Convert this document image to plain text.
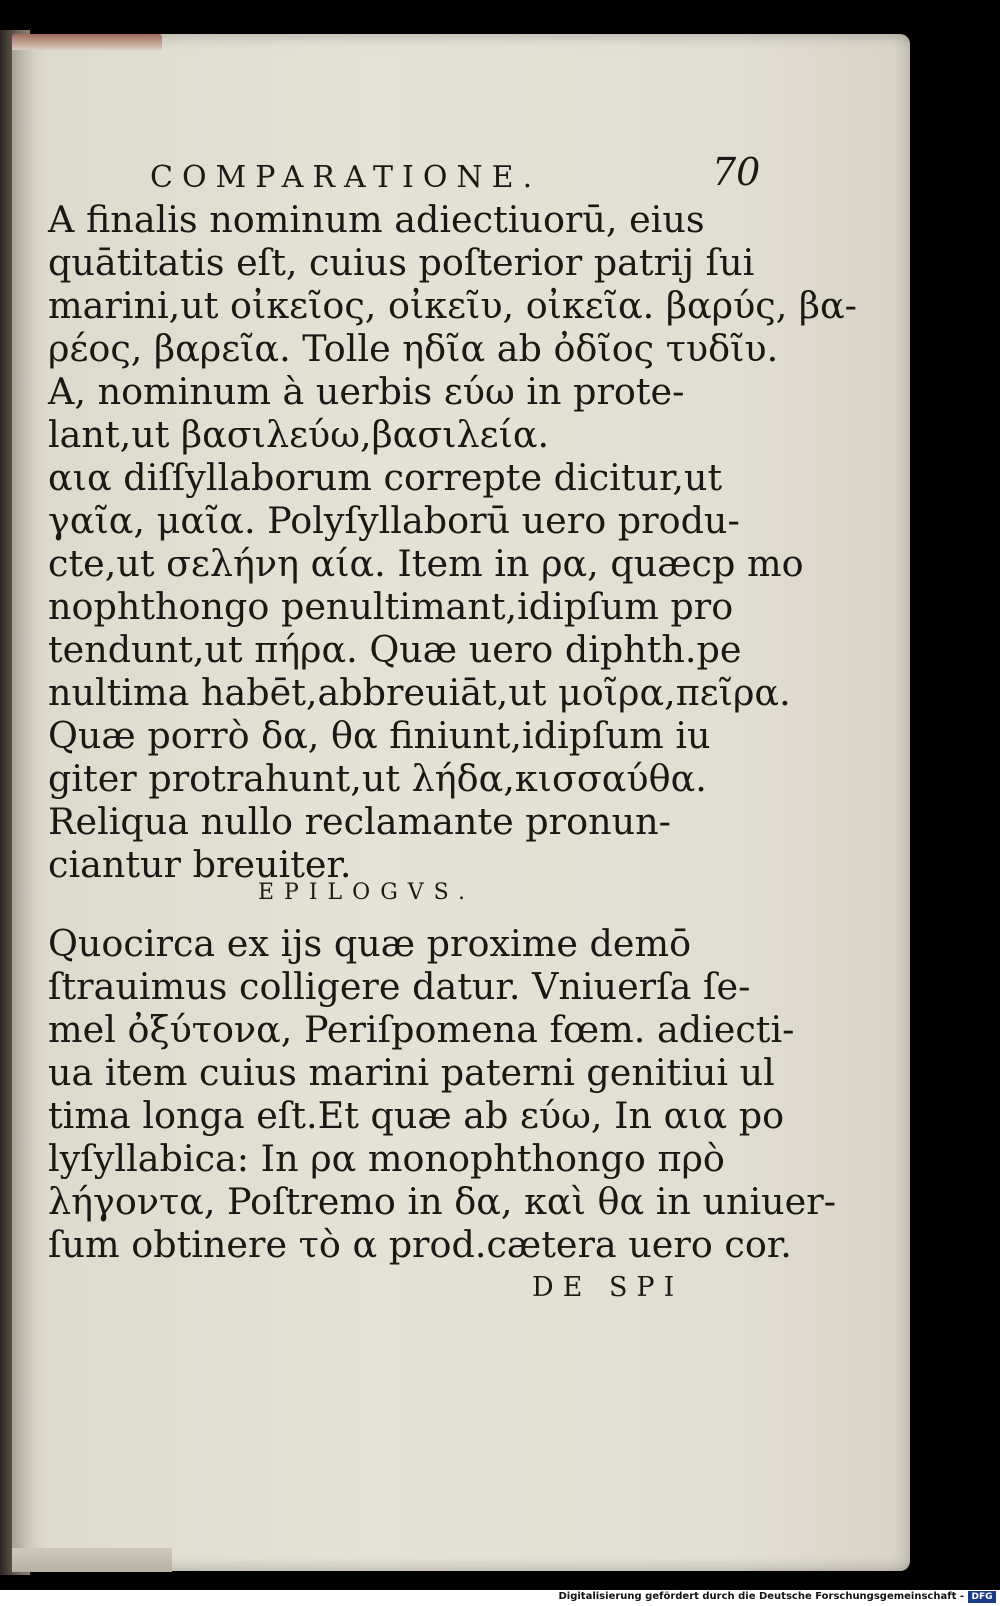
COMPARATIONE.	70
A finalis nominum adiectiuorū, eius
quātitatis eſt, cuius poſterior patrij ſui
marini,ut οἰκεῖος, οἰκεῖυ, οἰκεῖα. βαρύς, βα-
ρέος, βαρεῖα. Tolle ηδῖα ab ὀδῖος τυδῖυ.
A, nominum à uerbis εύω in prote-
lant,ut βασιλεύω,βασιλεία.
αια diſſyllaborum correpte dicitur,ut
γαῖα, μαῖα. Polyſyllaborū uero produ-
cte,ut σελήνη αία. Item in ρα, quæcp mo
nophthongo penultimant,idipſum pro
tendunt,ut πήρα. Quæ uero diphth.pe
nultima habēt,abbreuiāt,ut μοῖρα,πεῖρα.
Quæ porrò δα, θα finiunt,idipſum iu
giter protrahunt,ut λήδα,κισσαύθα.
Reliqua nullo reclamante pronun-
ciantur breuiter.
EPILOGVS.
Quocirca ex ijs quæ proxime demō
ſtrauimus colligere datur. Vniuerſa ſe-
mel ὀξύτονα, Periſpomena fœm. adiecti-
ua item cuius marini paterni genitiui ul
tima longa eſt.Et quæ ab εύω, In αια po
lyſyllabica: In ρα monophthongo πρὸ
λήγοντα, Poſtremo in δα, καὶ θα in uniuer-
ſum obtinere τὸ α prod.cætera uero cor.
DE SPI
Digitalisierung gefördert durch die Deutsche Forschungsgemeinschaft - DFG
